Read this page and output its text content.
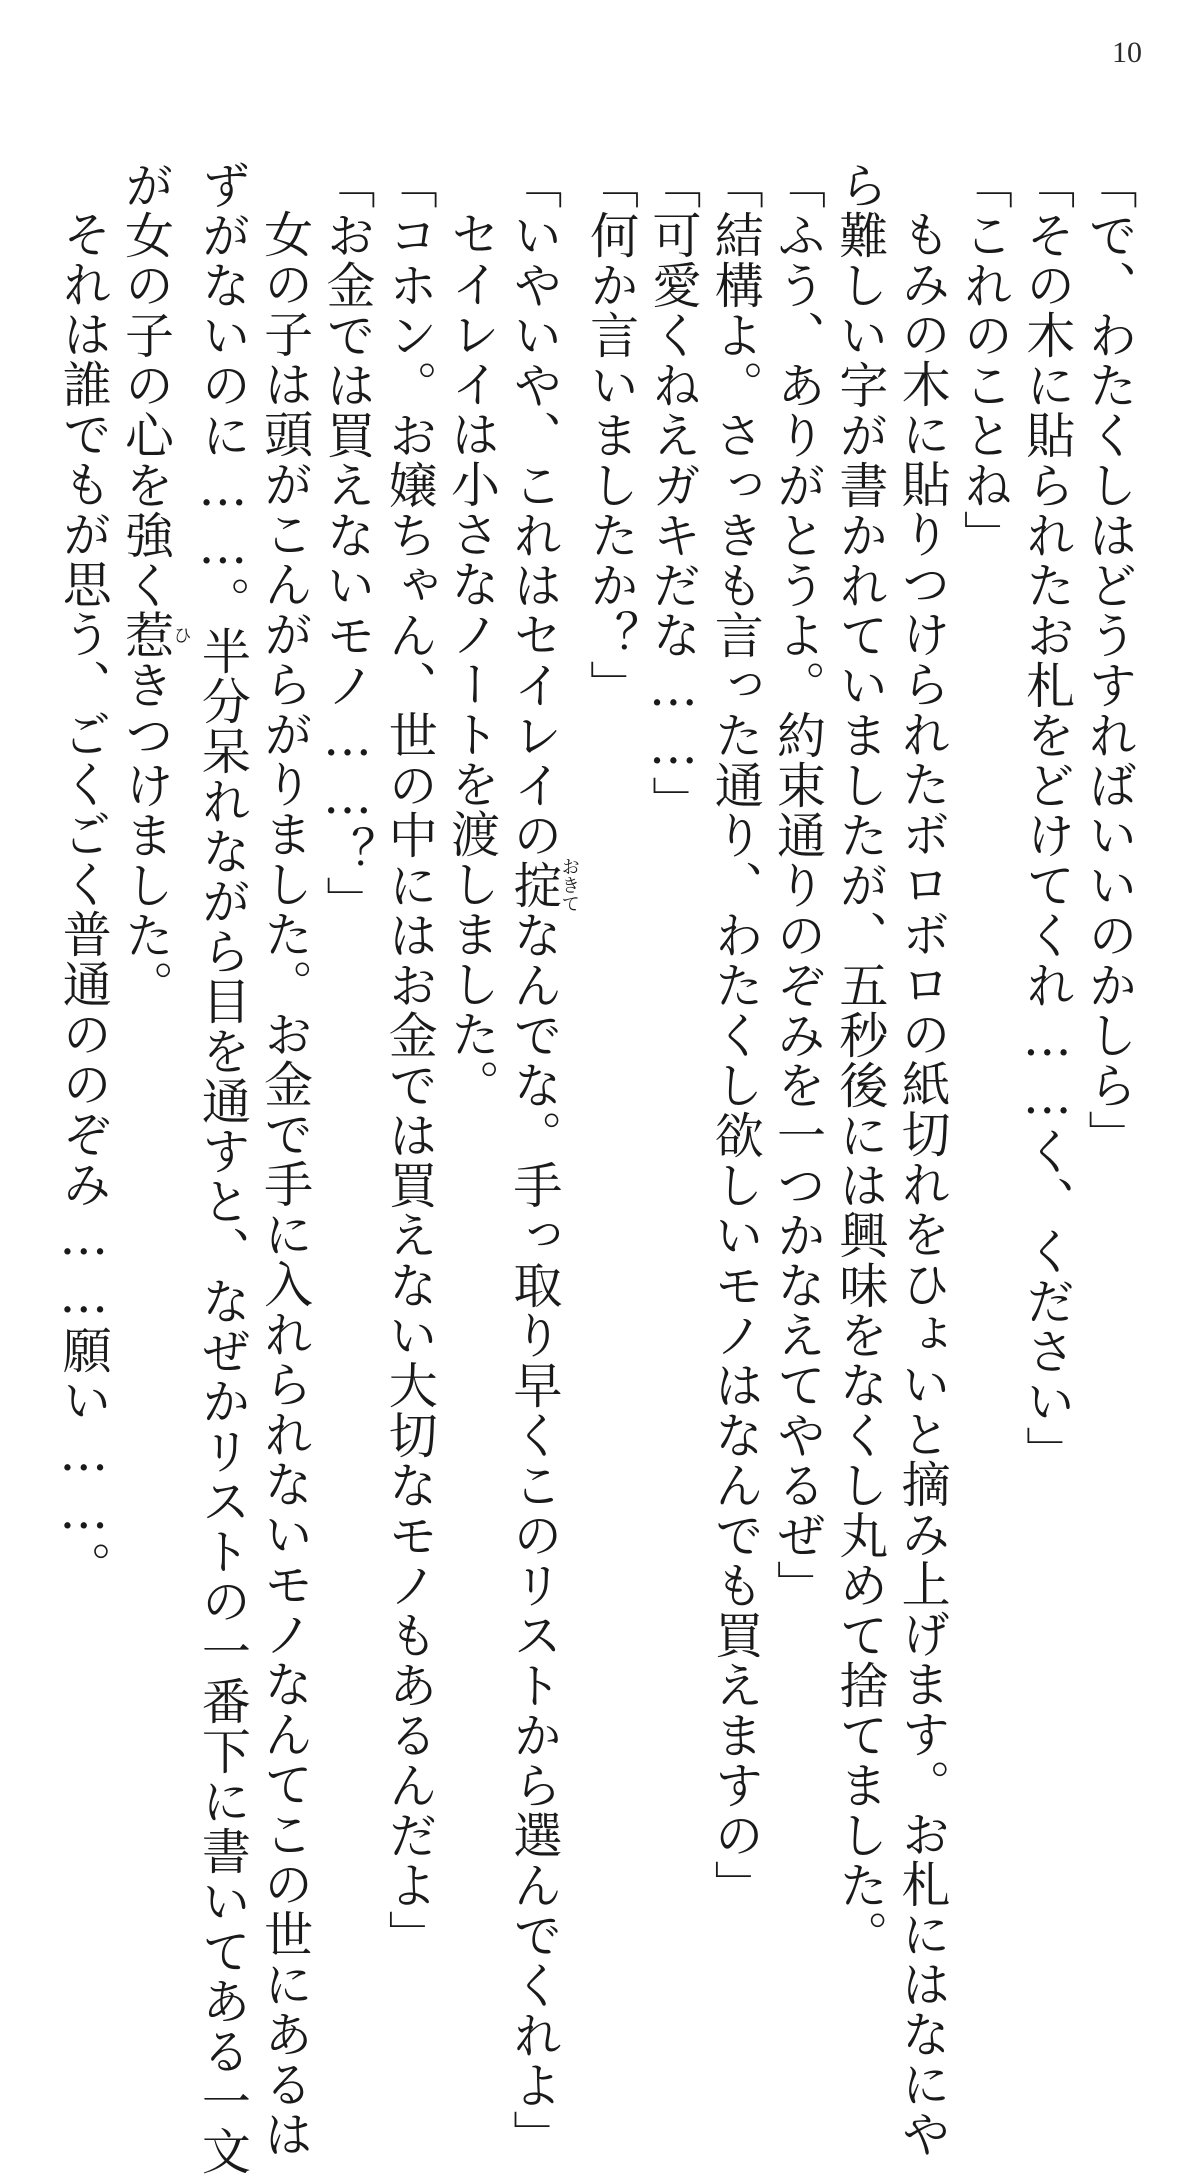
10
「で、わたくしはどうすればいいのかしら」
「その木に貼られたお札をどけてくれ……く、ください」
「これのことね」
もみの木に貼りつけられたボロボロの紙切れをひょいと摘み上げます。お札にはなにや
ら難しい字が書かれていましたが、五秒後には興味をなくし丸めて捨てました。
「ふう、ありがとうよ。約束通りのぞみを一つかなえてやるぜ」
「結構よ。さっきも言った通り、わたくし欲しいモノはなんでも買えますの」
「可愛くねえガキだな……」
「何か言いましたか？」
「いやいや、これはセイレイの掟おきてなんでな。手っ取り早くこのリストから選んでくれよ」
セイレイは小さなノートを渡しました。
「コホン。お嬢ちゃん、世の中にはお金では買えない大切なモノもあるんだよ」
「お金では買えないモノ……？」
女の子は頭がこんがらがりました。お金で手に入れられないモノなんてこの世にあるは
ずがないのに……。半分呆れながら目を通すと、なぜかリストの一番下に書いてある一文
が女の子の心を強く惹ひきつけました。
それは誰でもが思う、ごくごく普通ののぞみ……願い……。
